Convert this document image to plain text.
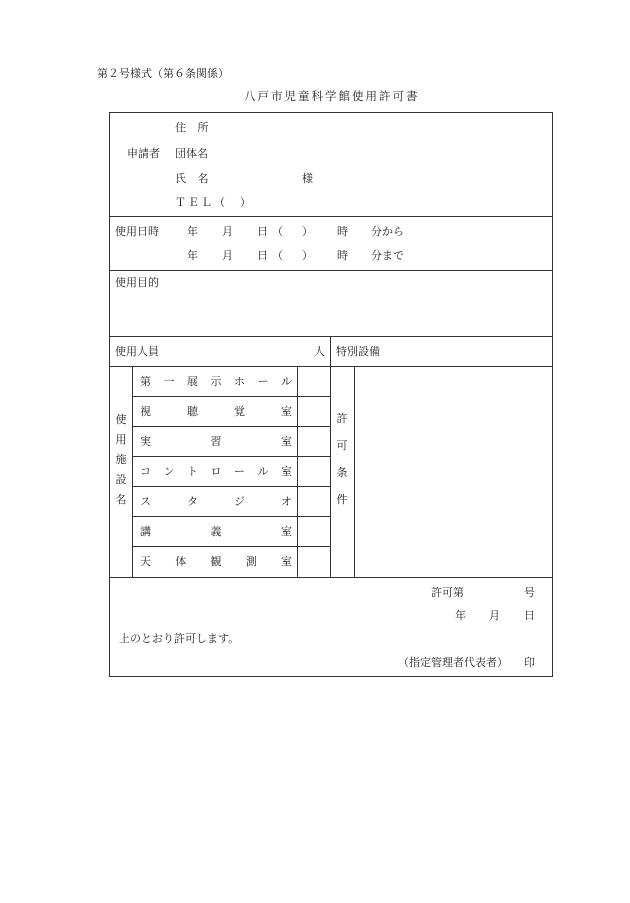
第２号様式（第６条関係）
八戸市児童科学館使用許可書
申請者
住 所
団体名
氏 名	様
ＴＥＬ（　）
使用日時	年 月 日（　） 時 分から
年 月 日（　） 時 分まで
使用目的
使用人員	人 特別設備
使
用
施
設
名
第 一 展 示 ホ ー ル
視	聴	覚	室
実	習	室
コ ン ト ロ ー ル 室
ス	タ	ジ	オ
講	義	室
天 体 観 測 室
許
可
条
件
許可第	号
年 月 日
上のとおり許可します。
（指定管理者代表者） 印
